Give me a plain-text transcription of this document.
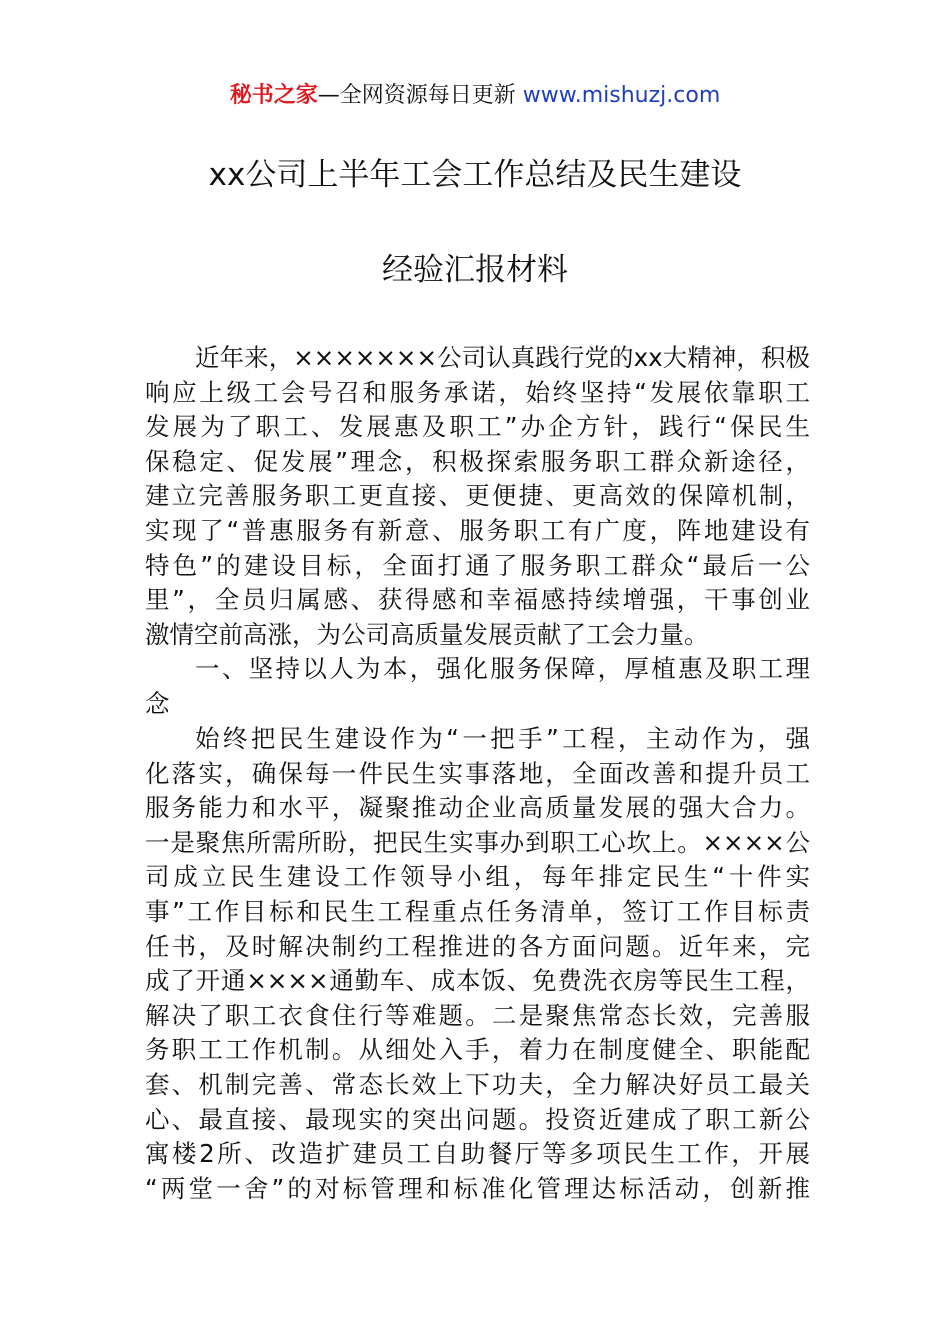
秘书之家—全网资源每日更新 www.mishuzj.com
xx公司上半年工会工作总结及民生建设
经验汇报材料
近年来，×××××××公司认真践行党的xx大精神，积极
响应上级工会号召和服务承诺，始终坚持“发展依靠职工
发展为了职工、发展惠及职工”办企方针，践行“保民生
保稳定、促发展”理念，积极探索服务职工群众新途径，
建立完善服务职工更直接、更便捷、更高效的保障机制，
实现了“普惠服务有新意、服务职工有广度，阵地建设有
特色”的建设目标，全面打通了服务职工群众“最后一公
里”，全员归属感、获得感和幸福感持续增强，干事创业
激情空前高涨，为公司高质量发展贡献了工会力量。
一、坚持以人为本，强化服务保障，厚植惠及职工理
念
始终把民生建设作为“一把手”工程，主动作为，强
化落实，确保每一件民生实事落地，全面改善和提升员工
服务能力和水平，凝聚推动企业高质量发展的强大合力。
一是聚焦所需所盼，把民生实事办到职工心坎上。××××公
司成立民生建设工作领导小组，每年排定民生“十件实
事”工作目标和民生工程重点任务清单，签订工作目标责
任书，及时解决制约工程推进的各方面问题。近年来，完
成了开通××××通勤车、成本饭、免费洗衣房等民生工程，
解决了职工衣食住行等难题。二是聚焦常态长效，完善服
务职工工作机制。从细处入手，着力在制度健全、职能配
套、机制完善、常态长效上下功夫，全力解决好员工最关
心、最直接、最现实的突出问题。投资近建成了职工新公
寓楼2所、改造扩建员工自助餐厅等多项民生工作，开展
“两堂一舍”的对标管理和标准化管理达标活动，创新推
